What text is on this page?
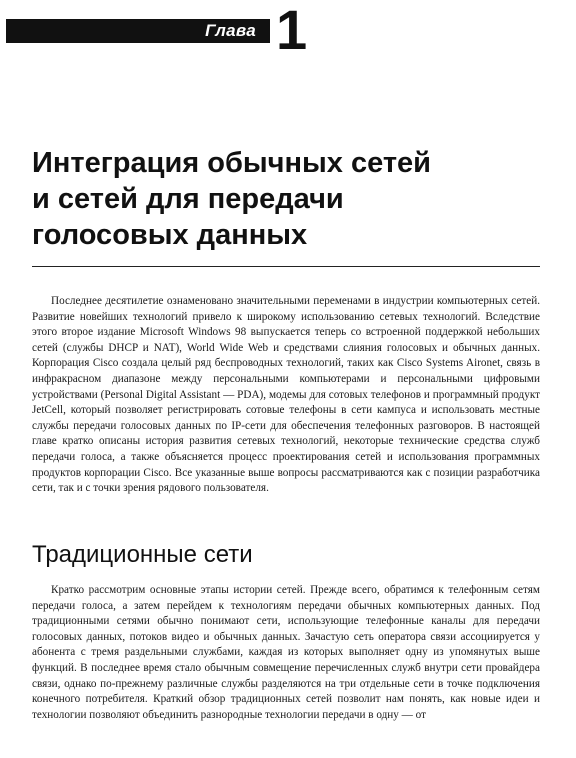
Глава 1
Интеграция обычных сетей
и сетей для передачи
голосовых данных

Последнее десятилетие ознаменовано значительными переменами в индустрии компьютерных сетей. Развитие новейших технологий привело к широкому использованию сетевых технологий. Вследствие этого второе издание Microsoft Windows 98 выпускается теперь со встроенной поддержкой небольших сетей (службы DHCP и NAT), World Wide Web и средствами слияния голосовых и обычных данных. Корпорация Cisco создала целый ряд беспроводных технологий, таких как Cisco Systems Aironet, связь в инфракрасном диапазоне между персональными компьютерами и персональными цифровыми устройствами (Personal Digital Assistant — PDA), модемы для сотовых телефонов и программный продукт JetCell, который позволяет регистрировать сотовые телефоны в сети кампуса и использовать местные службы передачи голосовых данных по IP-сети для обеспечения телефонных разговоров. В настоящей главе кратко описаны история развития сетевых технологий, некоторые технические средства служб передачи голоса, а также объясняется процесс проектирования сетей и использования программных продуктов корпорации Cisco. Все указанные выше вопросы рассматриваются как с позиции разработчика сети, так и с точки зрения рядового пользователя.

Традиционные сети

Кратко рассмотрим основные этапы истории сетей. Прежде всего, обратимся к телефонным сетям передачи голоса, а затем перейдем к технологиям передачи обычных компьютерных данных. Под традиционными сетями обычно понимают сети, использующие телефонные каналы для передачи голосовых данных, потоков видео и обычных данных. Зачастую сеть оператора связи ассоциируется у абонента с тремя раздельными службами, каждая из которых выполняет одну из упомянутых выше функций. В последнее время стало обычным совмещение перечисленных служб внутри сети провайдера связи, однако по-прежнему различные службы разделяются на три отдельные сети в точке подключения конечного потребителя. Краткий обзор традиционных сетей позволит нам понять, как новые идеи и технологии позволяют объединить разнородные технологии передачи в одну — от
